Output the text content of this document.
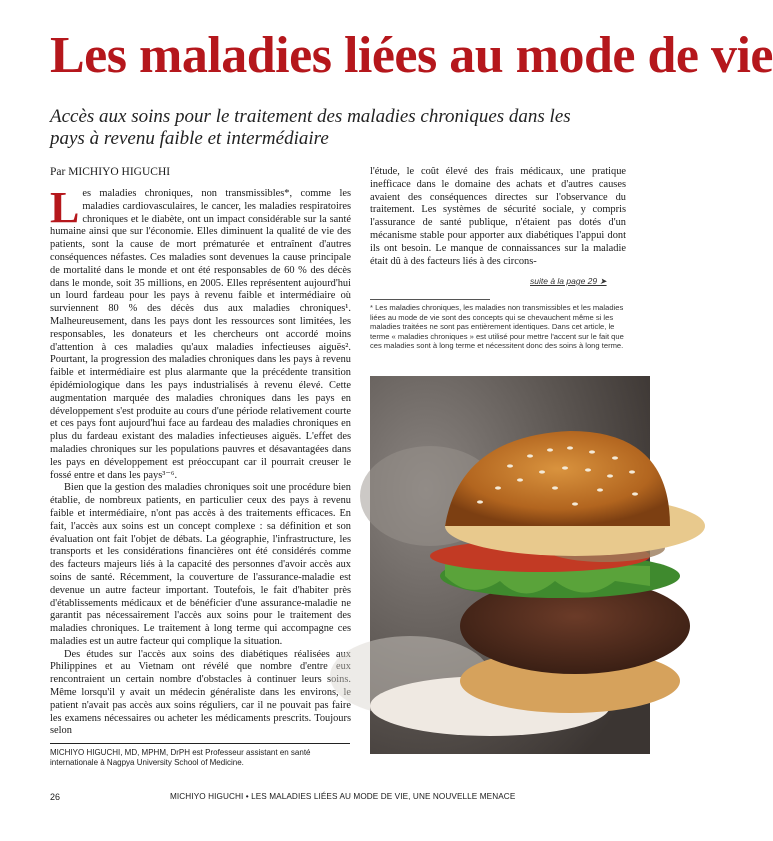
Les maladies liées au mode de vie
Accès aux soins pour le traitement des maladies chroniques dans les pays à revenu faible et intermédiaire
Par MICHIYO HIGUCHI

Les maladies chroniques, non transmissibles*, comme les maladies cardiovasculaires, le cancer, les maladies respiratoires chroniques et le diabète, ont un impact considérable sur la santé humaine ainsi que sur l'économie. Elles diminuent la qualité de vie des patients, sont la cause de mort prématurée et entraînent d'autres conséquences néfastes. Ces maladies sont devenues la cause principale de mortalité dans le monde et ont été responsables de 60 % des décès dans le monde, soit 35 millions, en 2005. Elles représentent aujourd'hui un lourd fardeau pour les pays à revenu faible et intermédiaire où surviennent 80 % des décès dus aux maladies chroniques¹. Malheureusement, dans les pays dont les ressources sont limitées, les responsables, les donateurs et les chercheurs ont accordé moins d'attention à ces maladies qu'aux maladies infectieuses aiguës². Pourtant, la progression des maladies chroniques dans les pays à revenu faible et intermédiaire est plus alarmante que la précédente transition épidémiologique dans les pays industrialisés à revenu élevé. Cette augmentation marquée des maladies chroniques dans les pays en développement s'est produite au cours d'une période relativement courte et ces pays font aujourd'hui face au fardeau des maladies chroniques en plus du fardeau existant des maladies infectieuses aiguës. L'effet des maladies chroniques sur les populations pauvres et désavantagées dans les pays en développement est préoccupant car il pourrait creuser le fossé entre et dans les pays³⁻⁶.

Bien que la gestion des maladies chroniques soit une procédure bien établie, de nombreux patients, en particulier ceux des pays à revenu faible et intermédiaire, n'ont pas accès à des traitements efficaces. En fait, l'accès aux soins est un concept complexe : sa définition et son évaluation ont fait l'objet de débats. La géographie, l'infrastructure, les transports et les considérations financières ont été considérés comme des facteurs majeurs liés à la capacité des personnes d'avoir accès aux soins de santé. Récemment, la couverture de l'assurance-maladie est devenue un autre facteur important. Toutefois, le fait d'habiter près d'établissements médicaux et de bénéficier d'une assurance-maladie ne garantit pas nécessairement l'accès aux soins pour le traitement des maladies chroniques. Le traitement à long terme qui accompagne ces maladies est un autre facteur qui complique la situation.

Des études sur l'accès aux soins des diabétiques réalisées aux Philippines et au Vietnam ont révélé que nombre d'entre eux rencontraient un certain nombre d'obstacles à continuer leurs soins. Même lorsqu'il y avait un médecin généraliste dans les environs, le patient n'avait pas accès aux soins réguliers, car il ne pouvait pas faire les examens nécessaires ou acheter les médicaments prescrits. Toujours selon

l'étude, le coût élevé des frais médicaux, une pratique inefficace dans le domaine des achats et d'autres causes avaient des conséquences directes sur l'observance du traitement. Les systèmes de sécurité sociale, y compris l'assurance de santé publique, n'étaient pas dotés d'un mécanisme stable pour apporter aux diabétiques l'appui dont ils ont besoin. Le manque de connaissances sur la maladie était dû à des facteurs liés à des circons-

suite à la page 29 ➤
* Les maladies chroniques, les maladies non transmissibles et les maladies liées au mode de vie sont des concepts qui se chevauchent même si les maladies traitées ne sont pas entièrement identiques. Dans cet article, le terme « maladies chroniques » est utilisé pour mettre l'accent sur le fait que ces maladies sont à long terme et nécessitent donc des soins à long terme.
MICHIYO HIGUCHI, MD, MPHM, DrPH est Professeur assistant en santé internationale à Nagpya University School of Medicine.
26	MICHIYO HIGUCHI • LES MALADIES LIÉES AU MODE DE VIE, UNE NOUVELLE MENACE
